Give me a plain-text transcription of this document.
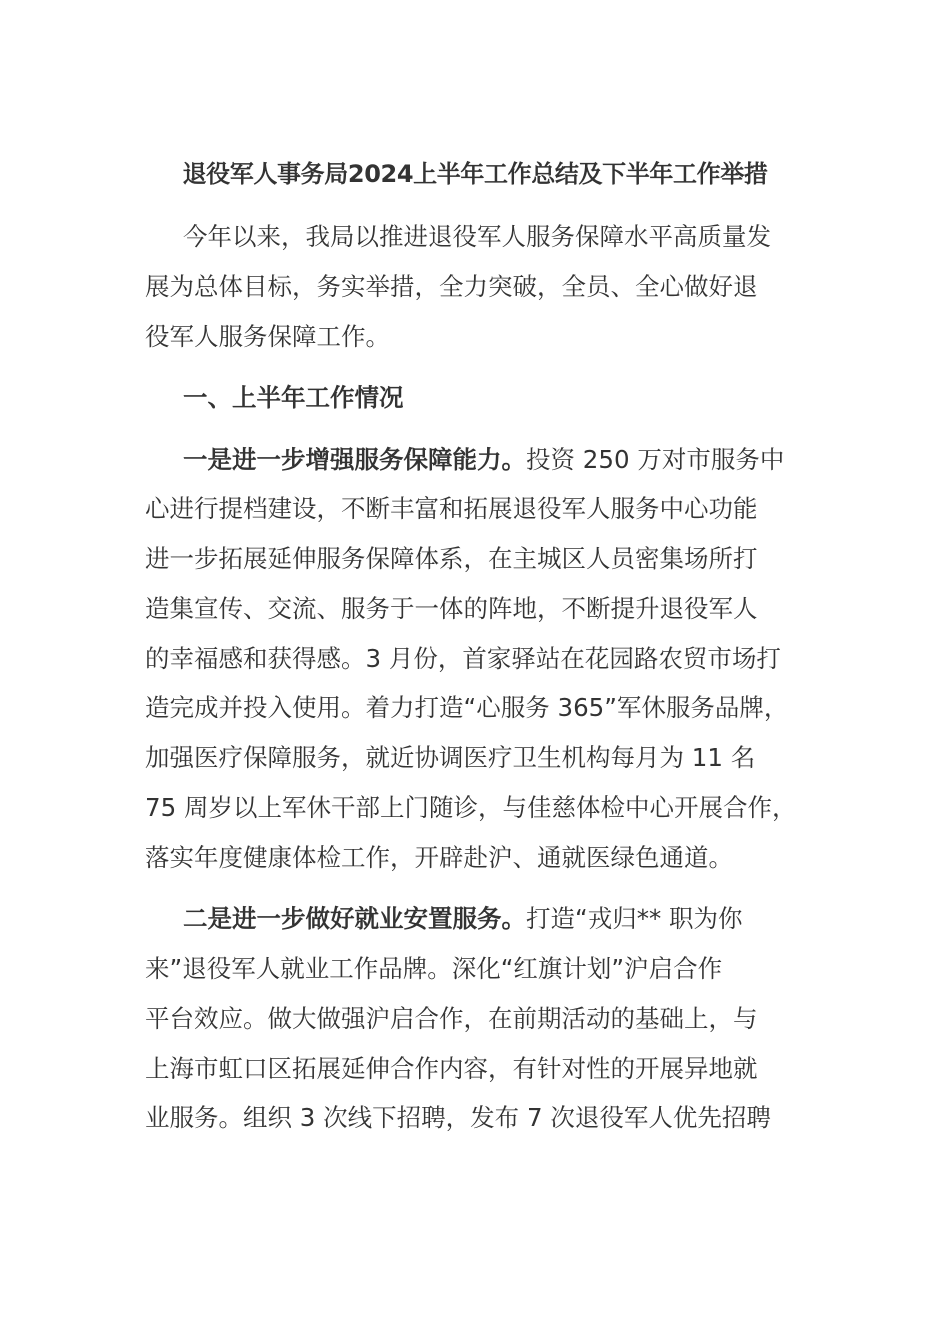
退役军人事务局2024上半年工作总结及下半年工作举措
今年以来，我局以推进退役军人服务保障水平高质量发
展为总体目标，务实举措，全力突破，全员、全心做好退
役军人服务保障工作。
一、上半年工作情况
一是进一步增强服务保障能力。投资 250 万对市服务中
心进行提档建设，不断丰富和拓展退役军人服务中心功能
进一步拓展延伸服务保障体系，在主城区人员密集场所打
造集宣传、交流、服务于一体的阵地，不断提升退役军人
的幸福感和获得感。3 月份，首家驿站在花园路农贸市场打
造完成并投入使用。着力打造“心服务 365”军休服务品牌，
加强医疗保障服务，就近协调医疗卫生机构每月为 11 名
75 周岁以上军休干部上门随诊，与佳慈体检中心开展合作，
落实年度健康体检工作，开辟赴沪、通就医绿色通道。
二是进一步做好就业安置服务。打造“戎归** 职为你
来”退役军人就业工作品牌。深化“红旗计划”沪启合作
平台效应。做大做强沪启合作，在前期活动的基础上，与
上海市虹口区拓展延伸合作内容，有针对性的开展异地就
业服务。组织 3 次线下招聘，发布 7 次退役军人优先招聘
